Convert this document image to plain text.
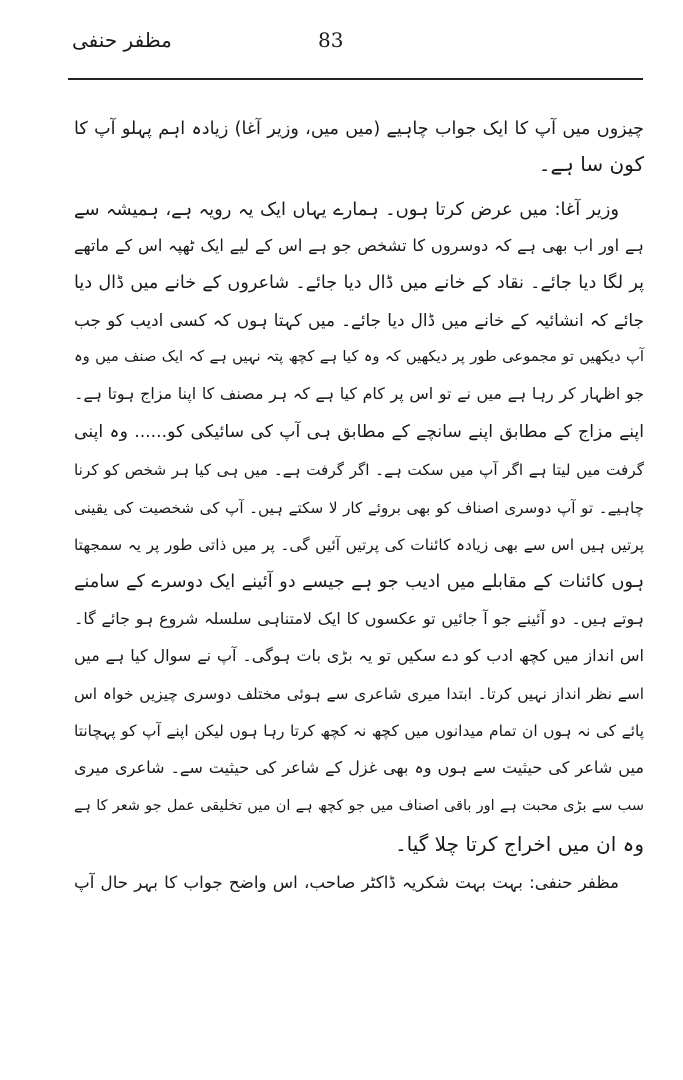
مظفر حنفی	83
چیزوں میں آپ کا ایک جواب چاہیے (میں میں، وزیر آغا) زیادہ اہم پہلو آپ کا
کون سا ہے۔
وزیر آغا: میں عرض کرتا ہوں۔ ہمارے یہاں ایک یہ رویہ ہے، ہمیشہ سے
ہے اور اب بھی ہے کہ دوسروں کا تشخص جو ہے اس کے لیے ایک ٹھپہ اس کے ماتھے
پر لگا دیا جائے۔ نقاد کے خانے میں ڈال دیا جائے۔ شاعروں کے خانے میں ڈال دیا
جائے کہ انشائیہ کے خانے میں ڈال دیا جائے۔ میں کہتا ہوں کہ کسی ادیب کو جب
آپ دیکھیں تو مجموعی طور پر دیکھیں کہ وہ کیا ہے کچھ پتہ نہیں ہے کہ ایک صنف میں وہ
جو اظہار کر رہا ہے میں نے تو اس پر کام کیا ہے کہ ہر مصنف کا اپنا مزاج ہوتا ہے۔
اپنے مزاج کے مطابق اپنے سانچے کے مطابق ہی آپ کی سائیکی کو...... وہ اپنی
گرفت میں لیتا ہے اگر آپ میں سکت ہے۔ اگر گرفت ہے۔ میں ہی کیا ہر شخص کو کرنا
چاہیے۔ تو آپ دوسری اصناف کو بھی بروئے کار لا سکتے ہیں۔ آپ کی شخصیت کی یقینی
پرتیں ہیں اس سے بھی زیادہ کائنات کی پرتیں آئیں گی۔ پر میں ذاتی طور پر یہ سمجھتا
ہوں کائنات کے مقابلے میں ادیب جو ہے جیسے دو آئینے ایک دوسرے کے سامنے
ہوتے ہیں۔ دو آئینے جو آ جائیں تو عکسوں کا ایک لامتناہی سلسلہ شروع ہو جائے گا۔
اس انداز میں کچھ ادب کو دے سکیں تو یہ بڑی بات ہوگی۔ آپ نے سوال کیا ہے میں
اسے نظر انداز نہیں کرتا۔ ابتدا میری شاعری سے ہوئی مختلف دوسری چیزیں خواہ اس
پائے کی نہ ہوں ان تمام میدانوں میں کچھ نہ کچھ کرتا رہا ہوں لیکن اپنے آپ کو پہچانتا
میں شاعر کی حیثیت سے ہوں وہ بھی غزل کے شاعر کی حیثیت سے۔ شاعری میری
سب سے بڑی محبت ہے اور باقی اصناف میں جو کچھ ہے ان میں تخلیقی عمل جو شعر کا ہے
وہ ان میں اخراج کرتا چلا گیا۔
مظفر حنفی: بہت بہت شکریہ ڈاکٹر صاحب، اس واضح جواب کا بہر حال آپ
